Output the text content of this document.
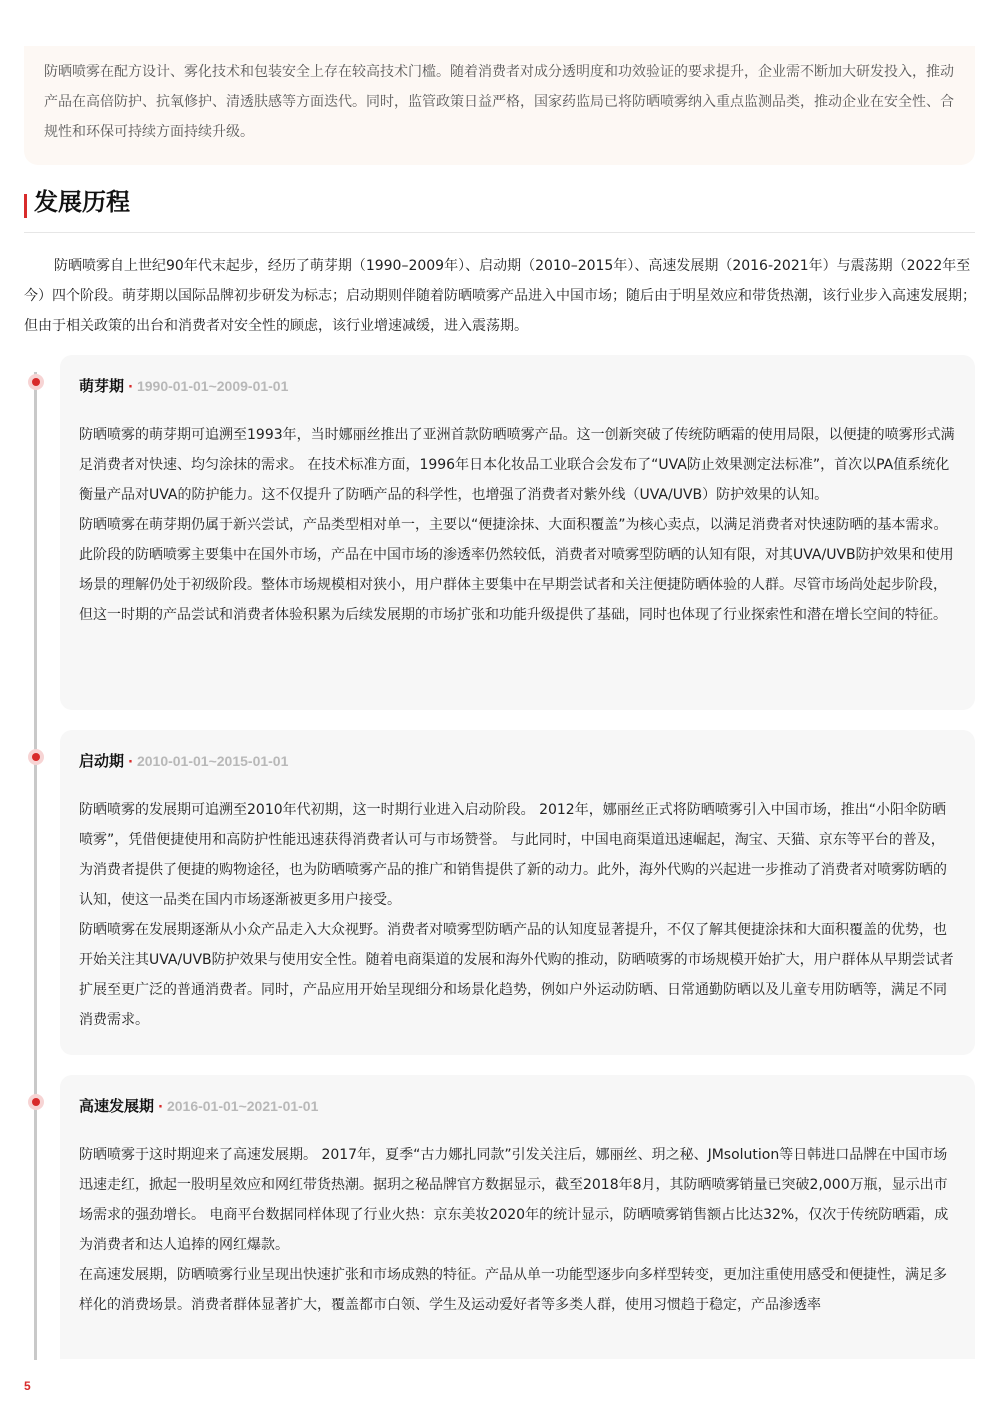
防晒喷雾在配方设计、雾化技术和包装安全上存在较高技术门槛。随着消费者对成分透明度和功效验证的要求提升，企业需不断加大研发投入，推动产品在高倍防护、抗氧修护、清透肤感等方面迭代。同时，监管政策日益严格，国家药监局已将防晒喷雾纳入重点监测品类，推动企业在安全性、合规性和环保可持续方面持续升级。

发展历程

防晒喷雾自上世纪90年代末起步，经历了萌芽期（1990–2009年）、启动期（2010–2015年）、高速发展期（2016-2021年）与震荡期（2022年至今）四个阶段。萌芽期以国际品牌初步研发为标志；启动期则伴随着防晒喷雾产品进入中国市场；随后由于明星效应和带货热潮，该行业步入高速发展期；但由于相关政策的出台和消费者对安全性的顾虑，该行业增速减缓，进入震荡期。

萌芽期 · 1990-01-01~2009-01-01

防晒喷雾的萌芽期可追溯至1993年，当时娜丽丝推出了亚洲首款防晒喷雾产品。这一创新突破了传统防晒霜的使用局限，以便捷的喷雾形式满足消费者对快速、均匀涂抹的需求。 在技术标准方面，1996年日本化妆品工业联合会发布了“UVA防止效果测定法标准”，首次以PA值系统化衡量产品对UVA的防护能力。这不仅提升了防晒产品的科学性，也增强了消费者对紫外线（UVA/UVB）防护效果的认知。

防晒喷雾在萌芽期仍属于新兴尝试，产品类型相对单一，主要以“便捷涂抹、大面积覆盖”为核心卖点，以满足消费者对快速防晒的基本需求。此阶段的防晒喷雾主要集中在国外市场，产品在中国市场的渗透率仍然较低，消费者对喷雾型防晒的认知有限，对其UVA/UVB防护效果和使用场景的理解仍处于初级阶段。整体市场规模相对狭小，用户群体主要集中在早期尝试者和关注便捷防晒体验的人群。尽管市场尚处起步阶段，但这一时期的产品尝试和消费者体验积累为后续发展期的市场扩张和功能升级提供了基础，同时也体现了行业探索性和潜在增长空间的特征。

启动期 · 2010-01-01~2015-01-01

防晒喷雾的发展期可追溯至2010年代初期，这一时期行业进入启动阶段。 2012年，娜丽丝正式将防晒喷雾引入中国市场，推出“小阳伞防晒喷雾”，凭借便捷使用和高防护性能迅速获得消费者认可与市场赞誉。 与此同时，中国电商渠道迅速崛起，淘宝、天猫、京东等平台的普及，为消费者提供了便捷的购物途径，也为防晒喷雾产品的推广和销售提供了新的动力。此外，海外代购的兴起进一步推动了消费者对喷雾防晒的认知，使这一品类在国内市场逐渐被更多用户接受。

防晒喷雾在发展期逐渐从小众产品走入大众视野。消费者对喷雾型防晒产品的认知度显著提升，不仅了解其便捷涂抹和大面积覆盖的优势，也开始关注其UVA/UVB防护效果与使用安全性。随着电商渠道的发展和海外代购的推动，防晒喷雾的市场规模开始扩大，用户群体从早期尝试者扩展至更广泛的普通消费者。同时，产品应用开始呈现细分和场景化趋势，例如户外运动防晒、日常通勤防晒以及儿童专用防晒等，满足不同消费需求。

高速发展期 · 2016-01-01~2021-01-01

防晒喷雾于这时期迎来了高速发展期。 2017年，夏季“古力娜扎同款”引发关注后，娜丽丝、玥之秘、JMsolution等日韩进口品牌在中国市场迅速走红，掀起一股明星效应和网红带货热潮。据玥之秘品牌官方数据显示，截至2018年8月，其防晒喷雾销量已突破2,000万瓶，显示出市场需求的强劲增长。 电商平台数据同样体现了行业火热：京东美妆2020年的统计显示，防晒喷雾销售额占比达32%，仅次于传统防晒霜，成为消费者和达人追捧的网红爆款。

在高速发展期，防晒喷雾行业呈现出快速扩张和市场成熟的特征。产品从单一功能型逐步向多样型转变，更加注重使用感受和便捷性，满足多样化的消费场景。消费者群体显著扩大，覆盖都市白领、学生及运动爱好者等多类人群，使用习惯趋于稳定，产品渗透率

5
